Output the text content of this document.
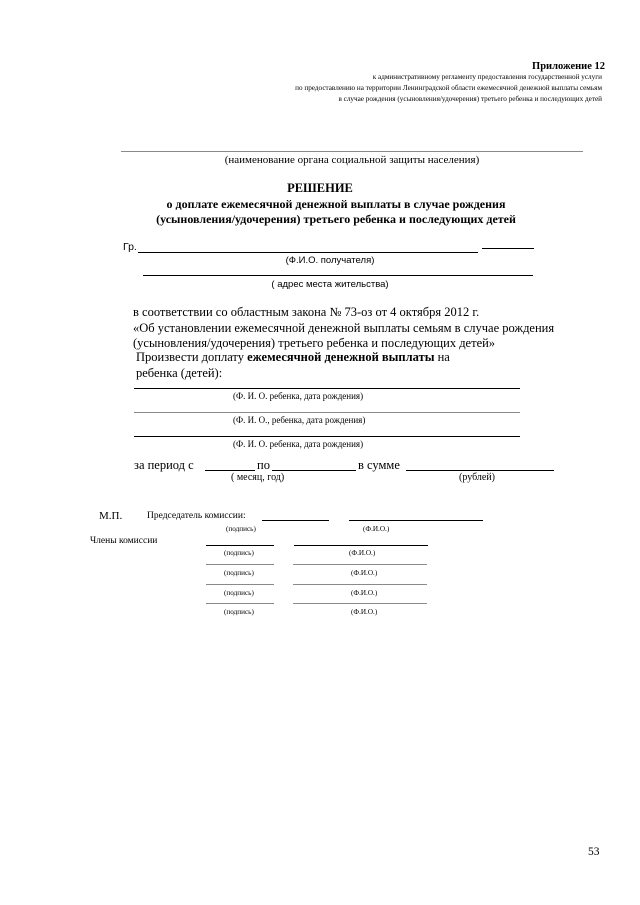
Приложение 12
к административному регламенту предоставления государственной услуги
по предоставлению на территории Ленинградской области ежемесячной денежной выплаты семьям
в случае рождения (усыновления/удочерения) третьего ребенка и последующих детей
(наименование органа социальной защиты населения)
РЕШЕНИЕ
о доплате ежемесячной денежной выплаты в случае рождения
(усыновления/удочерения) третьего ребенка и последующих детей
Гр.
(Ф.И.О. получателя)
( адрес места жительства)
в соответствии со областным закона № 73-оз от 4 октября 2012 г.
«Об установлении ежемесячной денежной выплаты семьям в случае рождения
(усыновления/удочерения) третьего ребенка и последующих детей»
Произвести доплату ежемесячной денежной выплаты на
ребенка (детей):
(Ф. И. О. ребенка, дата рождения)
(Ф. И. О., ребенка, дата рождения)
(Ф. И. О. ребенка, дата рождения)
за период с	по	в сумме
( месяц, год)	(рублей)
М.П.	Председатель комиссии:
(подпись)	(Ф.И.О.)
Члены комиссии
(подпись)	(Ф.И.О.)
(подпись)	(Ф.И.О.)
(подпись)	(Ф.И.О.)
(подпись)	(Ф.И.О.)
53
